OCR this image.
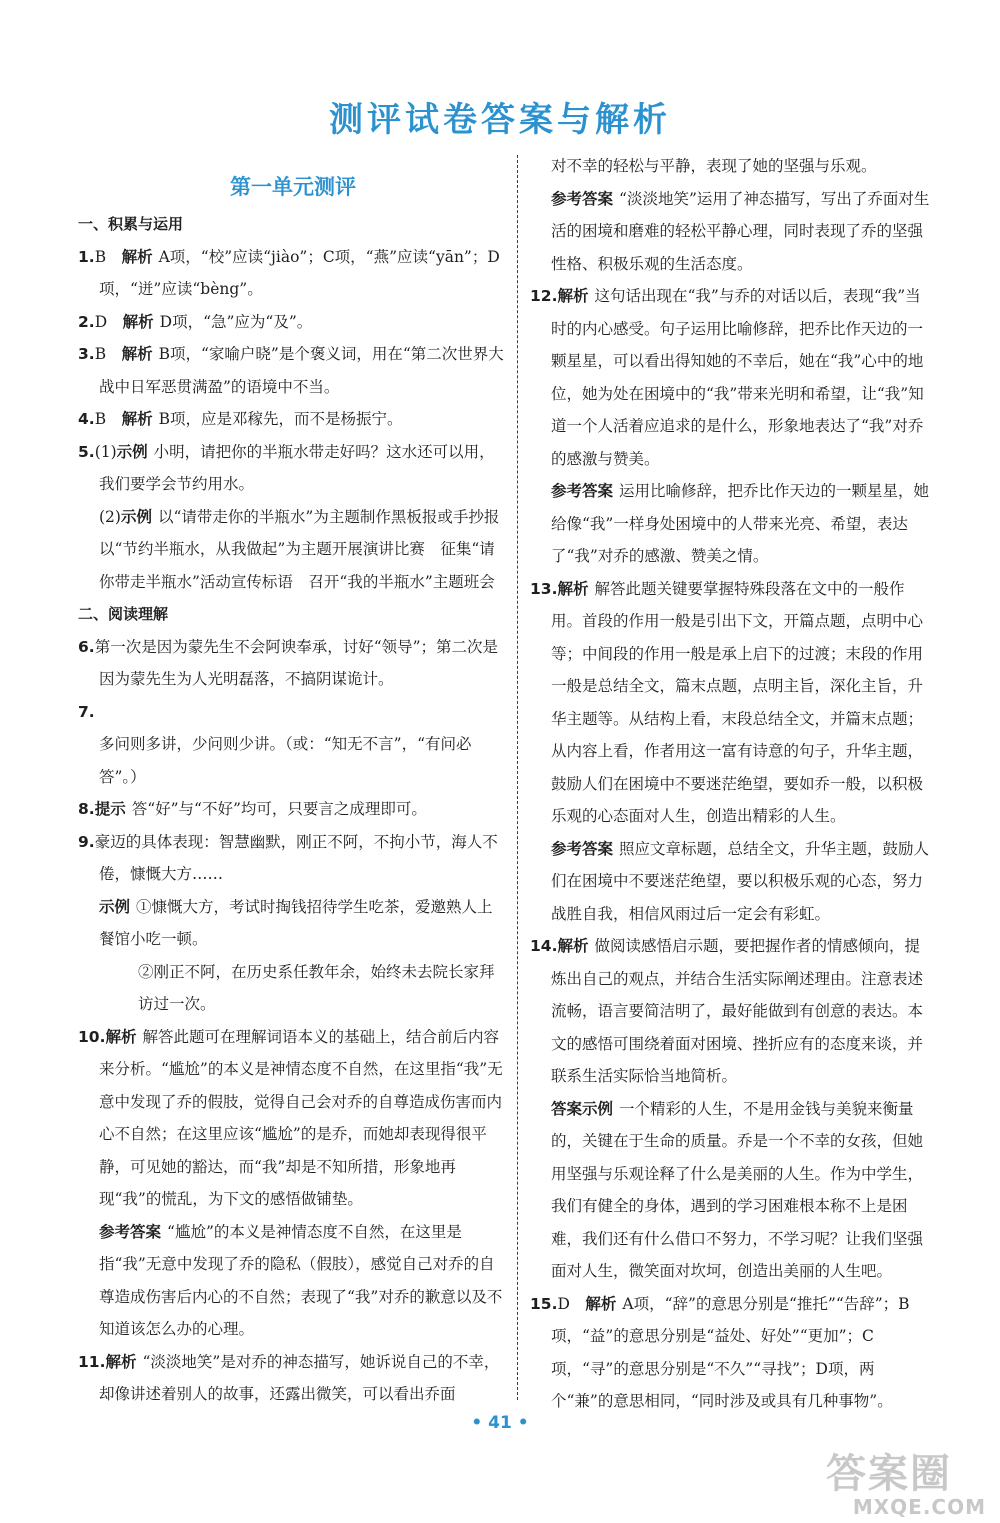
测评试卷答案与解析
第一单元测评

一、积累与运用

1.B　解析 A项，“校”应读“jiào”；C项，“燕”应读“yān”；D项，“迸”应读“bèng”。

2.D　解析 D项，“急”应为“及”。

3.B　解析 B项，“家喻户晓”是个褒义词，用在“第二次世界大战中日军恶贯满盈”的语境中不当。

4.B　解析 B项，应是邓稼先，而不是杨振宁。

5.(1)示例 小明，请把你的半瓶水带走好吗？这水还可以用，我们要学会节约用水。

(2)示例 以“请带走你的半瓶水”为主题制作黑板报或手抄报　以“节约半瓶水，从我做起”为主题开展演讲比赛　征集“请你带走半瓶水”活动宣传标语　召开“我的半瓶水”主题班会

二、阅读理解

6.第一次是因为蒙先生不会阿谀奉承，讨好“领导”；第二次是因为蒙先生为人光明磊落，不搞阴谋诡计。

7.多问则多讲，少问则少讲。（或：“知无不言”，“有问必答”。）

8.提示 答“好”与“不好”均可，只要言之成理即可。

9.豪迈的具体表现：智慧幽默，刚正不阿，不拘小节，海人不倦，慷慨大方……

示例 ①慷慨大方，考试时掏钱招待学生吃茶，爱邀熟人上餐馆小吃一顿。

②刚正不阿，在历史系任教年余，始终未去院长家拜访过一次。

10.解析 解答此题可在理解词语本义的基础上，结合前后内容来分析。“尴尬”的本义是神情态度不自然，在这里指“我”无意中发现了乔的假肢，觉得自己会对乔的自尊造成伤害而内心不自然；在这里应该“尴尬”的是乔，而她却表现得很平静，可见她的豁达，而“我”却是不知所措，形象地再现“我”的慌乱，为下文的感悟做铺垫。

参考答案 “尴尬”的本义是神情态度不自然，在这里是指“我”无意中发现了乔的隐私（假肢），感觉自己对乔的自尊造成伤害后内心的不自然；表现了“我”对乔的歉意以及不知道该怎么办的心理。

11.解析 “淡淡地笑”是对乔的神态描写，她诉说自己的不幸，却像讲述着别人的故事，还露出微笑，可以看出乔面

对不幸的轻松与平静，表现了她的坚强与乐观。

参考答案 “淡淡地笑”运用了神态描写，写出了乔面对生活的困境和磨难的轻松平静心理，同时表现了乔的坚强性格、积极乐观的生活态度。

12.解析 这句话出现在“我”与乔的对话以后，表现“我”当时的内心感受。句子运用比喻修辞，把乔比作天边的一颗星星，可以看出得知她的不幸后，她在“我”心中的地位，她为处在困境中的“我”带来光明和希望，让“我”知道一个人活着应追求的是什么，形象地表达了“我”对乔的感激与赞美。

参考答案 运用比喻修辞，把乔比作天边的一颗星星，她给像“我”一样身处困境中的人带来光亮、希望，表达了“我”对乔的感激、赞美之情。

13.解析 解答此题关键要掌握特殊段落在文中的一般作用。首段的作用一般是引出下文，开篇点题，点明中心等；中间段的作用一般是承上启下的过渡；末段的作用一般是总结全文，篇末点题，点明主旨，深化主旨，升华主题等。从结构上看，末段总结全文，并篇末点题；从内容上看，作者用这一富有诗意的句子，升华主题，鼓励人们在困境中不要迷茫绝望，要如乔一般，以积极乐观的心态面对人生，创造出精彩的人生。

参考答案 照应文章标题，总结全文，升华主题，鼓励人们在困境中不要迷茫绝望，要以积极乐观的心态，努力战胜自我，相信风雨过后一定会有彩虹。

14.解析 做阅读感悟启示题，要把握作者的情感倾向，提炼出自己的观点，并结合生活实际阐述理由。注意表述流畅，语言要简洁明了，最好能做到有创意的表达。本文的感悟可围绕着面对困境、挫折应有的态度来谈，并联系生活实际恰当地简析。

答案示例 一个精彩的人生，不是用金钱与美貌来衡量的，关键在于生命的质量。乔是一个不幸的女孩，但她用坚强与乐观诠释了什么是美丽的人生。作为中学生，我们有健全的身体，遇到的学习困难根本称不上是困难，我们还有什么借口不努力，不学习呢？让我们坚强面对人生，微笑面对坎坷，创造出美丽的人生吧。

15.D　解析 A项，“辞”的意思分别是“推托”“告辞”；B项，“益”的意思分别是“益处、好处”“更加”；C项，“寻”的意思分别是“不久”“寻找”；D项，两个“兼”的意思相同，“同时涉及或具有几种事物”。

• 41 •
答案圈
MXQE.COM
